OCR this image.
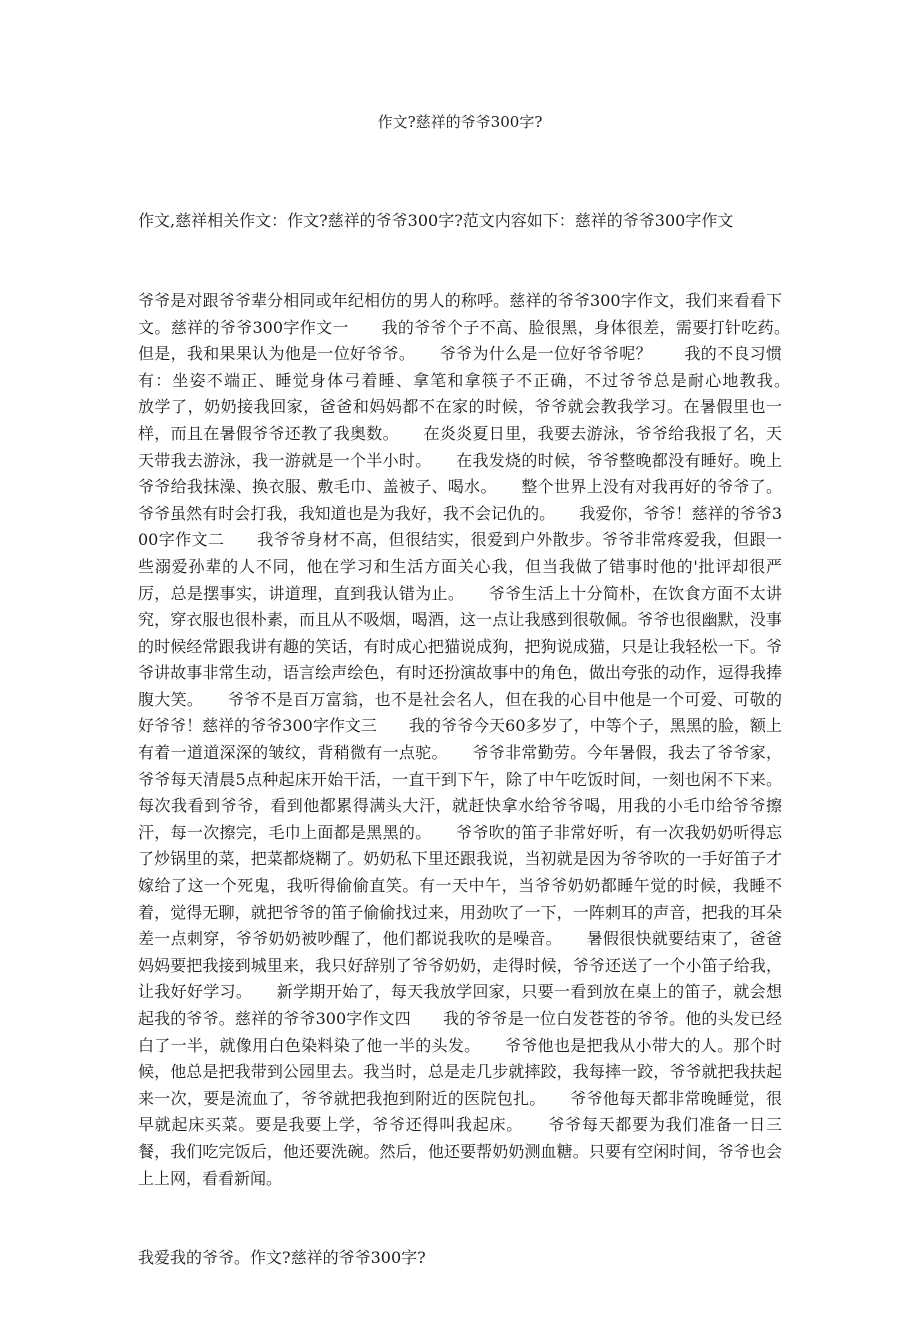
作文?慈祥的爷爷300字?

作文,慈祥相关作文：作文?慈祥的爷爷300字?范文内容如下：慈祥的爷爷300字作文

爷爷是对跟爷爷辈分相同或年纪相仿的男人的称呼。慈祥的爷爷300字作文，我们来看看下文。慈祥的爷爷300字作文一　　我的爷爷个子不高、脸很黑，身体很差，需要打针吃药。　　但是，我和果果认为他是一位好爷爷。　　爷爷为什么是一位好爷爷呢？　　我的不良习惯有：坐姿不端正、睡觉身体弓着睡、拿笔和拿筷子不正确，不过爷爷总是耐心地教我。　　放学了，奶奶接我回家，爸爸和妈妈都不在家的时候，爷爷就会教我学习。在暑假里也一样，而且在暑假爷爷还教了我奥数。　　在炎炎夏日里，我要去游泳，爷爷给我报了名，天天带我去游泳，我一游就是一个半小时。　　在我发烧的时候，爷爷整晚都没有睡好。晚上爷爷给我抹澡、换衣服、敷毛巾、盖被子、喝水。　　整个世界上没有对我再好的爷爷了。爷爷虽然有时会打我，我知道也是为我好，我不会记仇的。　　我爱你，爷爷！慈祥的爷爷300字作文二　　我爷爷身材不高，但很结实，很爱到户外散步。爷爷非常疼爱我，但跟一些溺爱孙辈的人不同，他在学习和生活方面关心我，但当我做了错事时他的'批评却很严厉，总是摆事实，讲道理，直到我认错为止。　　爷爷生活上十分简朴，在饮食方面不太讲究，穿衣服也很朴素，而且从不吸烟，喝酒，这一点让我感到很敬佩。爷爷也很幽默，没事的时候经常跟我讲有趣的笑话，有时成心把猫说成狗，把狗说成猫，只是让我轻松一下。爷爷讲故事非常生动，语言绘声绘色，有时还扮演故事中的角色，做出夸张的动作，逗得我捧腹大笑。　　爷爷不是百万富翁，也不是社会名人，但在我的心目中他是一个可爱、可敬的好爷爷！慈祥的爷爷300字作文三　　我的爷爷今天60多岁了，中等个子，黑黑的脸，额上有着一道道深深的皱纹，背稍微有一点驼。　　爷爷非常勤劳。今年暑假，我去了爷爷家，爷爷每天清晨5点种起床开始干活，一直干到下午，除了中午吃饭时间，一刻也闲不下来。每次我看到爷爷，看到他都累得满头大汗，就赶快拿水给爷爷喝，用我的小毛巾给爷爷擦汗，每一次擦完，毛巾上面都是黑黑的。　　爷爷吹的笛子非常好听，有一次我奶奶听得忘了炒锅里的菜，把菜都烧糊了。奶奶私下里还跟我说，当初就是因为爷爷吹的一手好笛子才嫁给了这一个死鬼，我听得偷偷直笑。有一天中午，当爷爷奶奶都睡午觉的时候，我睡不着，觉得无聊，就把爷爷的笛子偷偷找过来，用劲吹了一下，一阵刺耳的声音，把我的耳朵差一点刺穿，爷爷奶奶被吵醒了，他们都说我吹的是噪音。　　暑假很快就要结束了，爸爸妈妈要把我接到城里来，我只好辞别了爷爷奶奶，走得时候，爷爷还送了一个小笛子给我，让我好好学习。　　新学期开始了，每天我放学回家，只要一看到放在桌上的笛子，就会想起我的爷爷。慈祥的爷爷300字作文四　　我的爷爷是一位白发苍苍的爷爷。他的头发已经白了一半，就像用白色染料染了他一半的头发。　　爷爷他也是把我从小带大的人。那个时候，他总是把我带到公园里去。我当时，总是走几步就摔跤，我每摔一跤，爷爷就把我扶起来一次，要是流血了，爷爷就把我抱到附近的医院包扎。　　爷爷他每天都非常晚睡觉，很早就起床买菜。要是我要上学，爷爷还得叫我起床。　　爷爷每天都要为我们准备一日三餐，我们吃完饭后，他还要洗碗。然后，他还要帮奶奶测血糖。只要有空闲时间，爷爷也会上上网，看看新闻。

我爱我的爷爷。作文?慈祥的爷爷300字?
